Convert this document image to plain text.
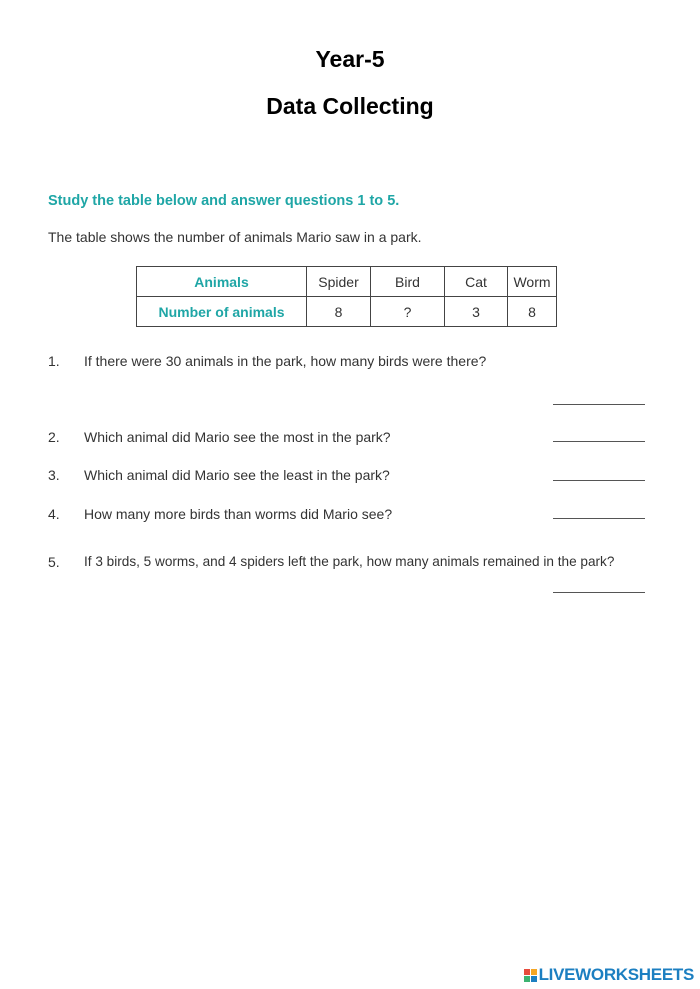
Year-5
Data Collecting
Study the table below and answer questions 1 to 5.
The table shows the number of animals Mario saw in a park.
Animals	Spider	Bird	Cat	Worm
Number of animals	8	?	3	8
1. If there were 30 animals in the park, how many birds were there?
2. Which animal did Mario see the most in the park?
3. Which animal did Mario see the least in the park?
4. How many more birds than worms did Mario see?
5. If 3 birds, 5 worms, and 4 spiders left the park, how many animals remained in the park?
LIVEWORKSHEETS
